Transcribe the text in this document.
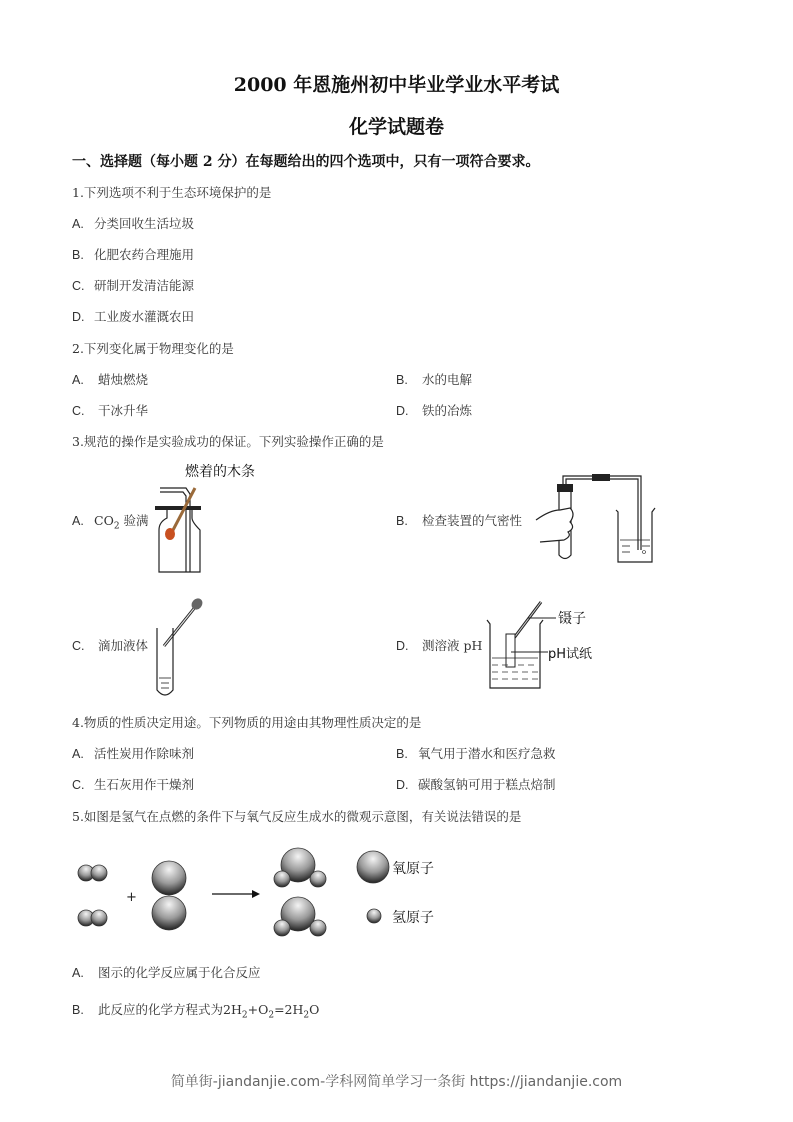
2000 年恩施州初中毕业学业水平考试
化学试题卷
一、选择题（每小题 2 分）在每题给出的四个选项中，只有一项符合要求。
1.下列选项不利于生态环境保护的是
A. 分类回收生活垃圾
B. 化肥农药合理施用
C. 研制开发清洁能源
D. 工业废水灌溉农田
2.下列变化属于物理变化的是
A. 蜡烛燃烧	B. 水的电解
C. 干冰升华	D. 铁的冶炼
3.规范的操作是实验成功的保证。下列实验操作正确的是
A. $CO_2$ 验满
燃着的木条
B. 检查装置的气密性
C. 滴加液体	D. 测溶液 pH
镊子
pH试纸
4.物质的性质决定用途。下列物质的用途由其物理性质决定的是
A. 活性炭用作除味剂	B. 氧气用于潜水和医疗急救
C. 生石灰用作干燥剂	D. 碳酸氢钠可用于糕点焙制
5.如图是氢气在点燃的条件下与氧气反应生成水的微观示意图，有关说法错误的是
+
氧原子
氢原子
A. 图示的化学反应属于化合反应
B. 此反应的化学方程式为$2H_2+O_2=2H_2O$
简单街-jiandanjie.com-学科网简单学习一条街 https://jiandanjie.com
